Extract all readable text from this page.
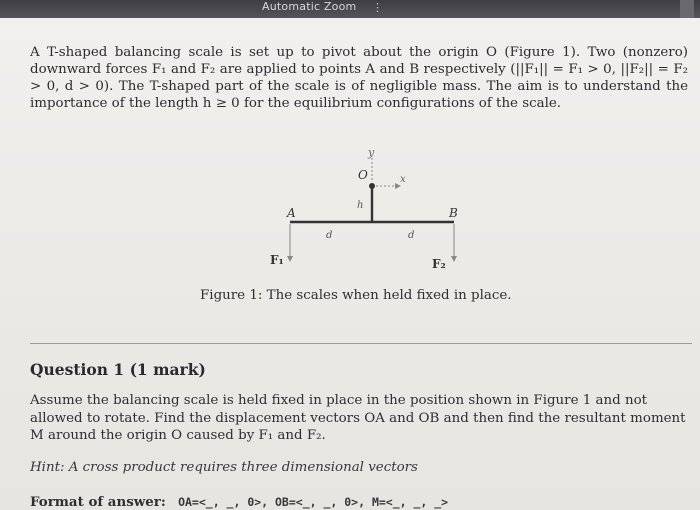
Automatic Zoom ⋮

A T-shaped balancing scale is set up to pivot about the origin O (Figure 1). Two (nonzero) downward forces F₁ and F₂ are applied to points A and B respectively (||F₁|| = F₁ > 0, ||F₂|| = F₂ > 0, d > 0). The T-shaped part of the scale is of negligible mass. The aim is to understand the importance of the length h ≥ 0 for the equilibrium configurations of the scale.

y
O	x
h
A	B
d	d
F₁	F₂
Figure 1: The scales when held fixed in place.
Question 1 (1 mark)

Assume the balancing scale is held fixed in place in the position shown in Figure 1 and not allowed to rotate. Find the displacement vectors OA and OB and then find the resultant moment M around the origin O caused by F₁ and F₂.

Hint: A cross product requires three dimensional vectors
Format of answer: OA=<_, _, 0>, OB=<_, _, 0>, M=<_, _, _>
